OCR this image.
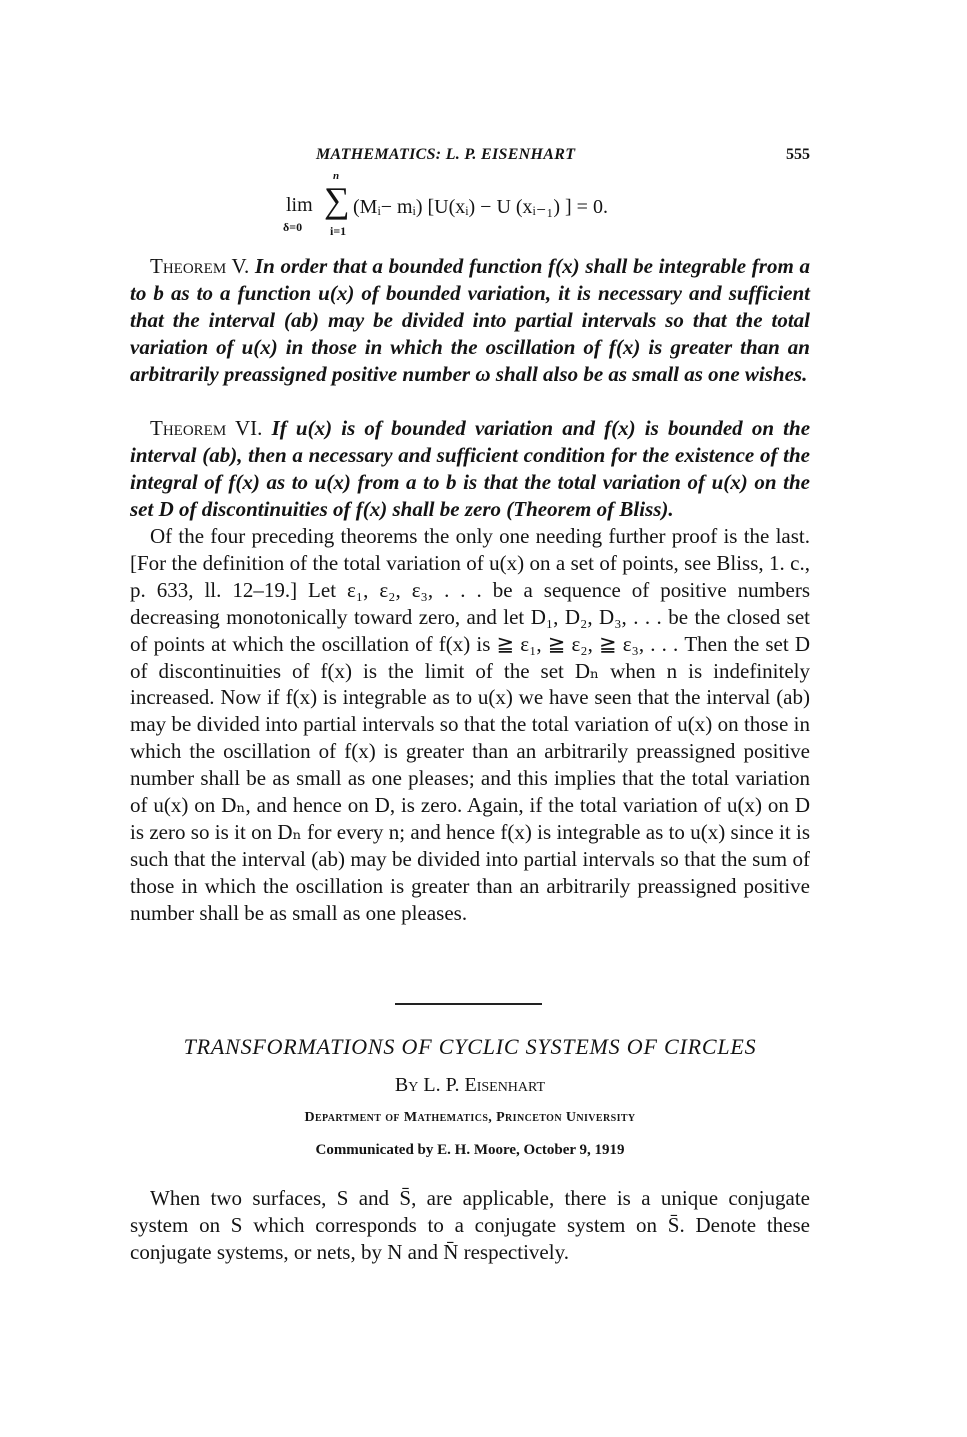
MATHEMATICS: L. P. EISENHART	555
lim
δ=0
n
∑
i=1
(Mᵢ− mᵢ) [U(xᵢ) − U (xᵢ₋₁) ] = 0.

Theorem V. In order that a bounded function f(x) shall be integrable from a to b as to a function u(x) of bounded variation, it is necessary and sufficient that the interval (ab) may be divided into partial intervals so that the total variation of u(x) in those in which the oscillation of f(x) is greater than an arbitrarily preassigned positive number ω shall also be as small as one wishes.

Theorem VI. If u(x) is of bounded variation and f(x) is bounded on the interval (ab), then a necessary and sufficient condition for the existence of the integral of f(x) as to u(x) from a to b is that the total variation of u(x) on the set D of discontinuities of f(x) shall be zero (Theorem of Bliss).

Of the four preceding theorems the only one needing further proof is the last. [For the definition of the total variation of u(x) on a set of points, see Bliss, 1. c., p. 633, ll. 12–19.] Let ε₁, ε₂, ε₃, . . . be a sequence of positive numbers decreasing monotonically toward zero, and let D₁, D₂, D₃, . . . be the closed set of points at which the oscillation of f(x) is ≧ ε₁, ≧ ε₂, ≧ ε₃, . . . Then the set D of discontinuities of f(x) is the limit of the set Dₙ when n is indefinitely increased. Now if f(x) is integrable as to u(x) we have seen that the interval (ab) may be divided into partial intervals so that the total variation of u(x) on those in which the oscillation of f(x) is greater than an arbitrarily preassigned positive number shall be as small as one pleases; and this implies that the total variation of u(x) on Dₙ, and hence on D, is zero. Again, if the total variation of u(x) on D is zero so is it on Dₙ for every n; and hence f(x) is integrable as to u(x) since it is such that the interval (ab) may be divided into partial intervals so that the sum of those in which the oscillation is greater than an arbitrarily preassigned positive number shall be as small as one pleases.

TRANSFORMATIONS OF CYCLIC SYSTEMS OF CIRCLES
By L. P. Eisenhart
Department of Mathematics, Princeton University
Communicated by E. H. Moore, October 9, 1919

When two surfaces, S and S̄, are applicable, there is a unique conjugate system on S which corresponds to a conjugate system on S̄. Denote these conjugate systems, or nets, by N and N̄ respectively.
